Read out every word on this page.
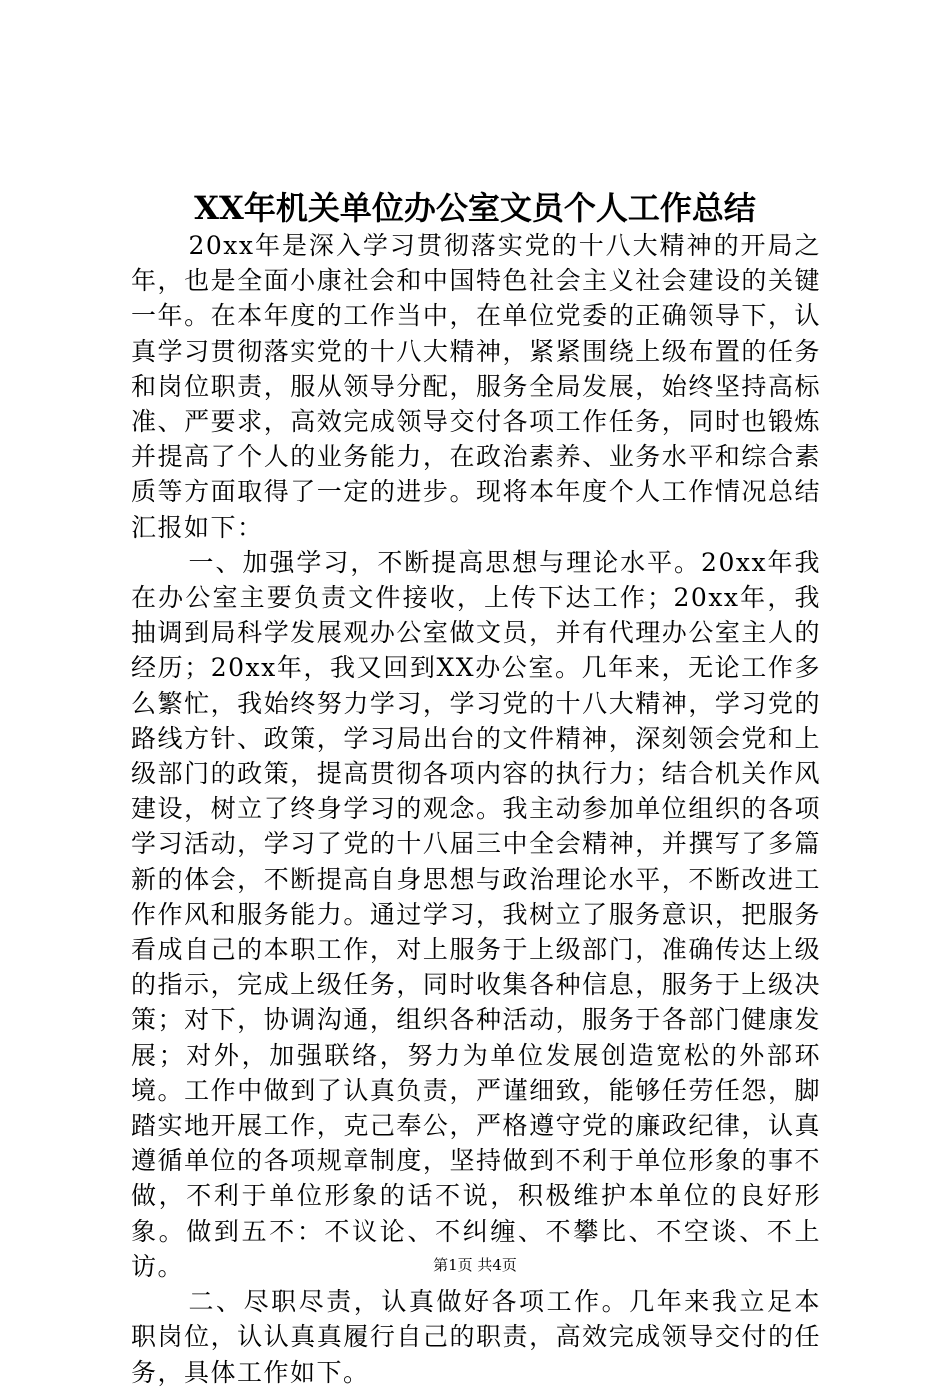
XX年机关单位办公室文员个人工作总结

20xx年是深入学习贯彻落实党的十八大精神的开局之年，也是全面小康社会和中国特色社会主义社会建设的关键一年。在本年度的工作当中，在单位党委的正确领导下，认真学习贯彻落实党的十八大精神，紧紧围绕上级布置的任务和岗位职责，服从领导分配，服务全局发展，始终坚持高标准、严要求，高效完成领导交付各项工作任务，同时也锻炼并提高了个人的业务能力，在政治素养、业务水平和综合素质等方面取得了一定的进步。现将本年度个人工作情况总结汇报如下：

一、加强学习，不断提高思想与理论水平。20xx年我在办公室主要负责文件接收，上传下达工作；20xx年，我抽调到局科学发展观办公室做文员，并有代理办公室主人的经历；20xx年，我又回到XX办公室。几年来，无论工作多么繁忙，我始终努力学习，学习党的十八大精神，学习党的路线方针、政策，学习局出台的文件精神，深刻领会党和上级部门的政策，提高贯彻各项内容的执行力；结合机关作风建设，树立了终身学习的观念。我主动参加单位组织的各项学习活动，学习了党的十八届三中全会精神，并撰写了多篇新的体会，不断提高自身思想与政治理论水平，不断改进工作作风和服务能力。通过学习，我树立了服务意识，把服务看成自己的本职工作，对上服务于上级部门，准确传达上级的指示，完成上级任务，同时收集各种信息，服务于上级决策；对下，协调沟通，组织各种活动，服务于各部门健康发展；对外，加强联络，努力为单位发展创造宽松的外部环境。工作中做到了认真负责，严谨细致，能够任劳任怨，脚踏实地开展工作，克己奉公，严格遵守党的廉政纪律，认真遵循单位的各项规章制度，坚持做到不利于单位形象的事不做，不利于单位形象的话不说，积极维护本单位的良好形象。做到五不：不议论、不纠缠、不攀比、不空谈、不上访。

二、尽职尽责，认真做好各项工作。几年来我立足本职岗位，认认真真履行自己的职责，高效完成领导交付的任务，具体工作如下。

第1页 共4页
